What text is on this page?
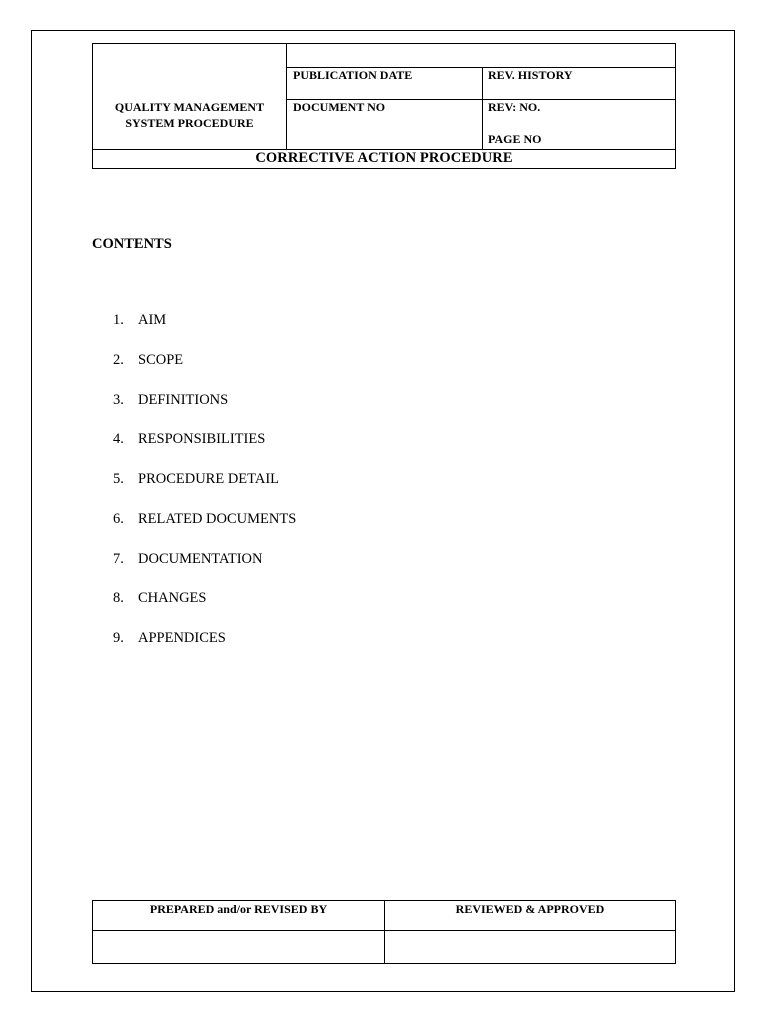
PUBLICATION DATE	REV. HISTORY
QUALITY MANAGEMENT
SYSTEM PROCEDURE
DOCUMENT NO	REV: NO.
PAGE NO
CORRECTIVE ACTION PROCEDURE
CONTENTS
1. AIM
2. SCOPE
3. DEFINITIONS
4. RESPONSIBILITIES
5. PROCEDURE DETAIL
6. RELATED DOCUMENTS
7. DOCUMENTATION
8. CHANGES
9. APPENDICES
PREPARED and/or REVISED BY	REVIEWED & APPROVED
